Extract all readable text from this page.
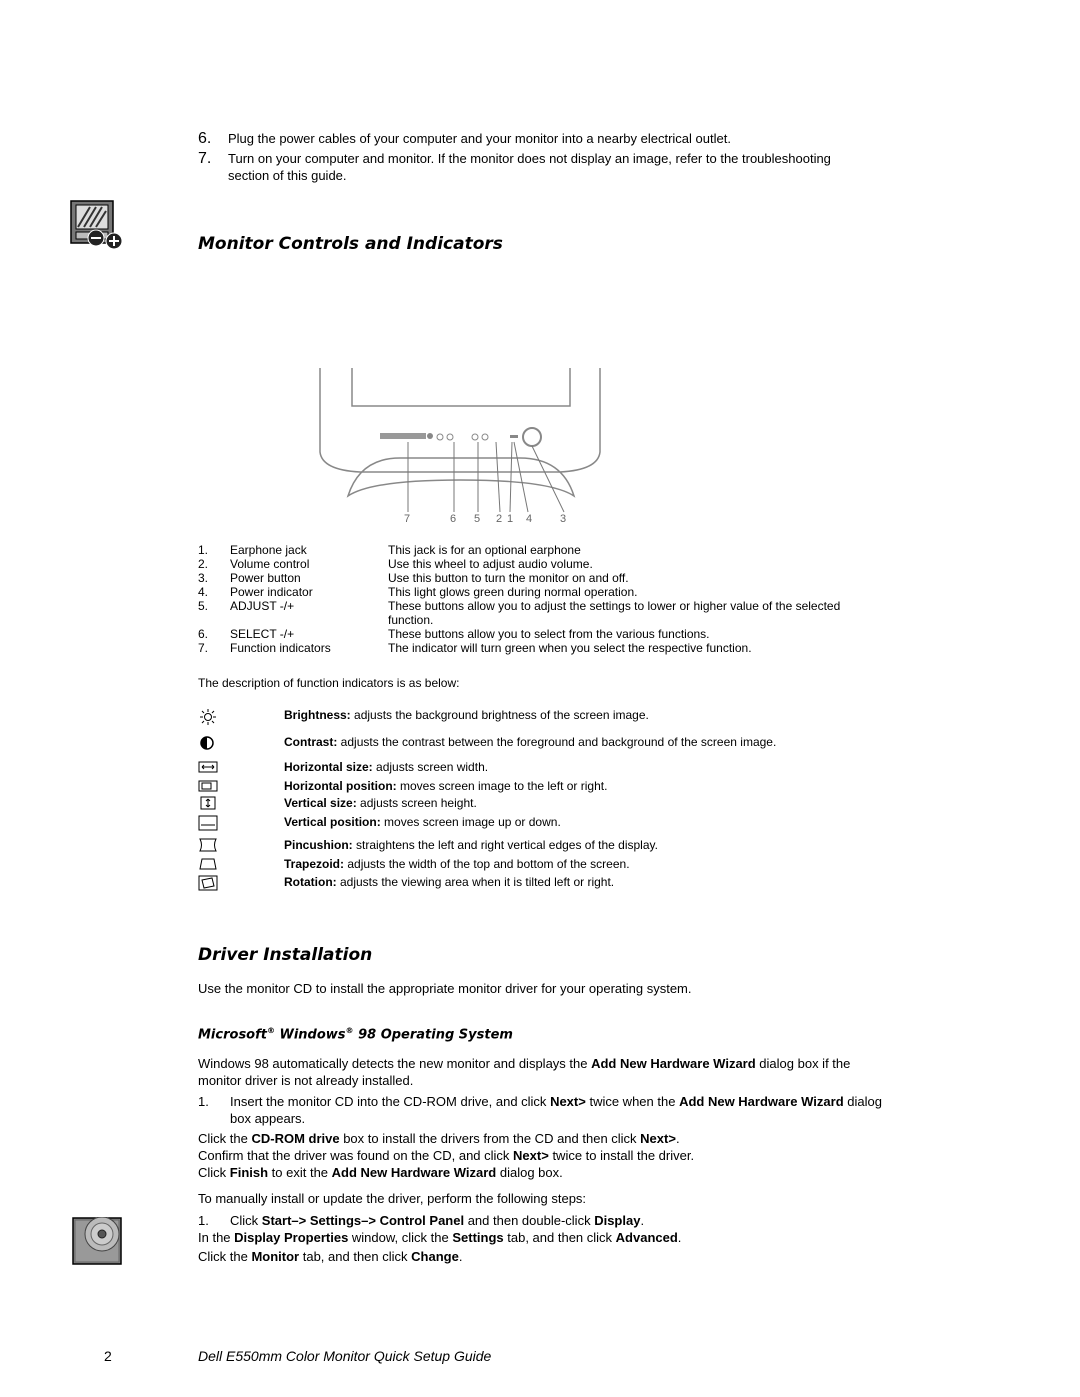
6. Plug the power cables of your computer and your monitor into a nearby electrical outlet.
7. Turn on your computer and monitor. If the monitor does not display an image, refer to the troubleshooting section of this guide.
Monitor Controls and Indicators
7	6 5 2 1 4	3
1.	Earphone jack	This jack is for an optional earphone
2.	Volume control	Use this wheel to adjust audio volume.
3.	Power button	Use this button to turn the monitor on and off.
4.	Power indicator	This light glows green during normal operation.
5.	ADJUST -/+	These buttons allow you to adjust the settings to lower or higher value of the selected function.
6.	SELECT -/+	These buttons allow you to select from the various functions.
7.	Function indicators	The indicator will turn green when you select the respective function.
The description of function indicators is as below:
Brightness: adjusts the background brightness of the screen image.
Contrast: adjusts the contrast between the foreground and background of the screen image.
Horizontal size: adjusts screen width.
Horizontal position: moves screen image to the left or right.
Vertical size: adjusts screen height.
Vertical position: moves screen image up or down.
Pincushion: straightens the left and right vertical edges of the display.
Trapezoid: adjusts the width of the top and bottom of the screen.
Rotation: adjusts the viewing area when it is tilted left or right.
Driver Installation
Use the monitor CD to install the appropriate monitor driver for your operating system.
Microsoft® Windows® 98 Operating System
Windows 98 automatically detects the new monitor and displays the Add New Hardware Wizard dialog box if the monitor driver is not already installed.
1.	Insert the monitor CD into the CD-ROM drive, and click Next> twice when the Add New Hardware Wizard dialog box appears.
Click the CD-ROM drive box to install the drivers from the CD and then click Next>.
Confirm that the driver was found on the CD, and click Next> twice to install the driver.
Click Finish to exit the Add New Hardware Wizard dialog box.
To manually install or update the driver, perform the following steps:
1.	Click Start–> Settings–> Control Panel and then double-click Display.
In the Display Properties window, click the Settings tab, and then click Advanced.
Click the Monitor tab, and then click Change.
2	Dell E550mm Color Monitor Quick Setup Guide
